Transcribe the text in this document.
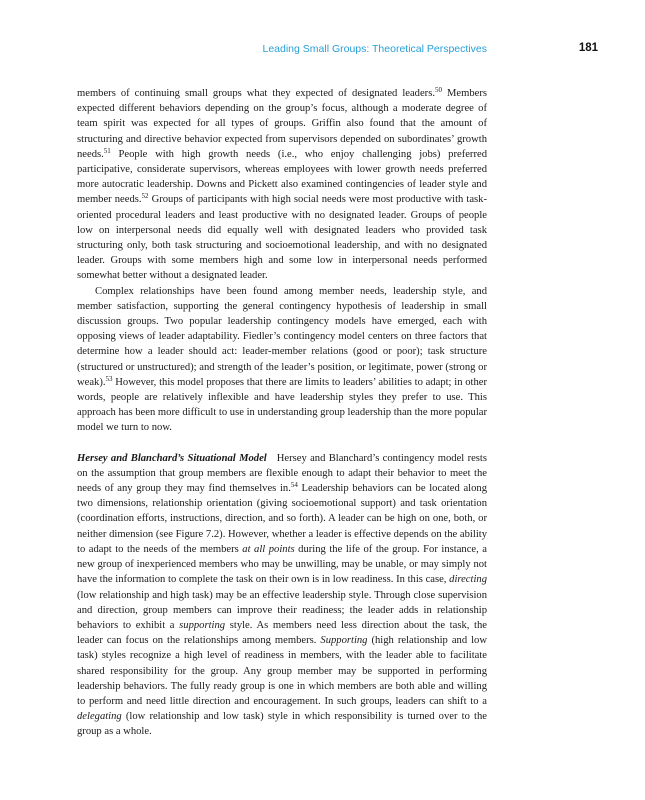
Leading Small Groups: Theoretical Perspectives	181

members of continuing small groups what they expected of designated leaders.$^{50}$ Members expected different behaviors depending on the group’s focus, although a moderate degree of team spirit was expected for all types of groups. Griffin also found that the amount of structuring and directive behavior expected from supervisors depended on subordinates’ growth needs.$^{51}$ People with high growth needs (i.e., who enjoy challenging jobs) preferred participative, considerate supervisors, whereas employees with lower growth needs preferred more autocratic leadership. Downs and Pickett also examined contingencies of leader style and member needs.$^{52}$ Groups of participants with high social needs were most productive with task-oriented procedural leaders and least productive with no designated leader. Groups of people low on interpersonal needs did equally well with designated leaders who provided task structuring only, both task structuring and socioemotional leadership, and with no designated leader. Groups with some members high and some low in interpersonal needs performed somewhat better without a designated leader.

Complex relationships have been found among member needs, leadership style, and member satisfaction, supporting the general contingency hypothesis of leadership in small discussion groups. Two popular leadership contingency models have emerged, each with opposing views of leader adaptability. Fiedler’s contingency model centers on three factors that determine how a leader should act: leader-member relations (good or poor); task structure (structured or unstructured); and strength of the leader’s position, or legitimate, power (strong or weak).$^{53}$ However, this model proposes that there are limits to leaders’ abilities to adapt; in other words, people are relatively inflexible and have leadership styles they prefer to use. This approach has been more difficult to use in understanding group leadership than the more popular model we turn to now.

Hersey and Blanchard’s Situational Model   Hersey and Blanchard’s contingency model rests on the assumption that group members are flexible enough to adapt their behavior to meet the needs of any group they may find themselves in.$^{54}$ Leadership behaviors can be located along two dimensions, relationship orientation (giving socioemotional support) and task orientation (coordination efforts, instructions, direction, and so forth). A leader can be high on one, both, or neither dimension (see Figure 7.2). However, whether a leader is effective depends on the ability to adapt to the needs of the members at all points during the life of the group. For instance, a new group of inexperienced members who may be unwilling, may be unable, or may simply not have the information to complete the task on their own is in low readiness. In this case, directing (low relationship and high task) may be an effective leadership style. Through close supervision and direction, group members can improve their readiness; the leader adds in relationship behaviors to exhibit a supporting style. As members need less direction about the task, the leader can focus on the relationships among members. Supporting (high relationship and low task) styles recognize a high level of readiness in members, with the leader able to facilitate shared responsibility for the group. Any group member may be supported in performing leadership behaviors. The fully ready group is one in which members are both able and willing to perform and need little direction and encouragement. In such groups, leaders can shift to a delegating (low relationship and low task) style in which responsibility is turned over to the group as a whole.
